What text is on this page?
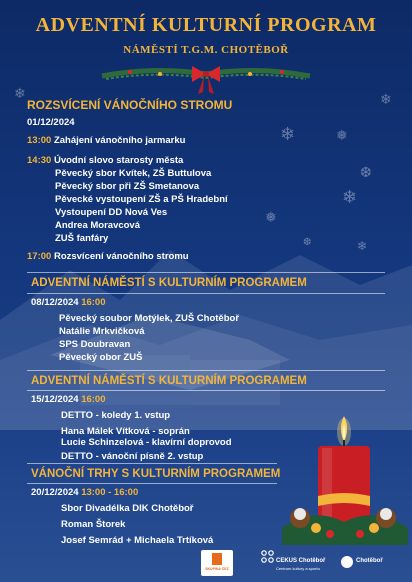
❄	❄
❅
❄
❆
❄
❅
❄
❆
ADVENTNÍ KULTURNÍ PROGRAM
NÁMĚSTÍ T.G.M. CHOTĚBOŘ
ROZSVÍCENÍ VÁNOČNÍHO STROMU
01/12/2024
13:00 Zahájení vánočního jarmarku
14:30 Úvodní slovo starosty města
Pěvecký sbor Kvítek, ZŠ Buttulova
Pěvecký sbor při ZŠ Smetanova
Pěvecké vystoupení ZŠ a PŠ Hradební
Vystoupení DD Nová Ves
Andrea Moravcová
ZUŠ fanfáry
17:00 Rozsvícení vánočního stromu
ADVENTNÍ NÁMĚSTÍ S KULTURNÍM PROGRAMEM
08/12/2024 16:00
Pěvecký soubor Motýlek, ZUŠ Chotěboř
Natálie Mrkvičková
SPS Doubravan
Pěvecký obor ZUŠ
ADVENTNÍ NÁMĚSTÍ S KULTURNÍM PROGRAMEM
15/12/2024 16:00
DETTO - koledy 1. vstup
Hana Málek Vítková - soprán
Lucie Schinzelová - klavírní doprovod
DETTO - vánoční písně 2. vstup
VÁNOČNÍ TRHY S KULTURNÍM PROGRAMEM
20/12/2024 13:00 - 16:00
Sbor Divadélka DIK Chotěboř
Roman Štorek
Josef Semrád + Michaela Trtíková
SKUPINA ČEZ
CEKUS Chotěboř
Centrum kultury a sportu
Chotěboř
